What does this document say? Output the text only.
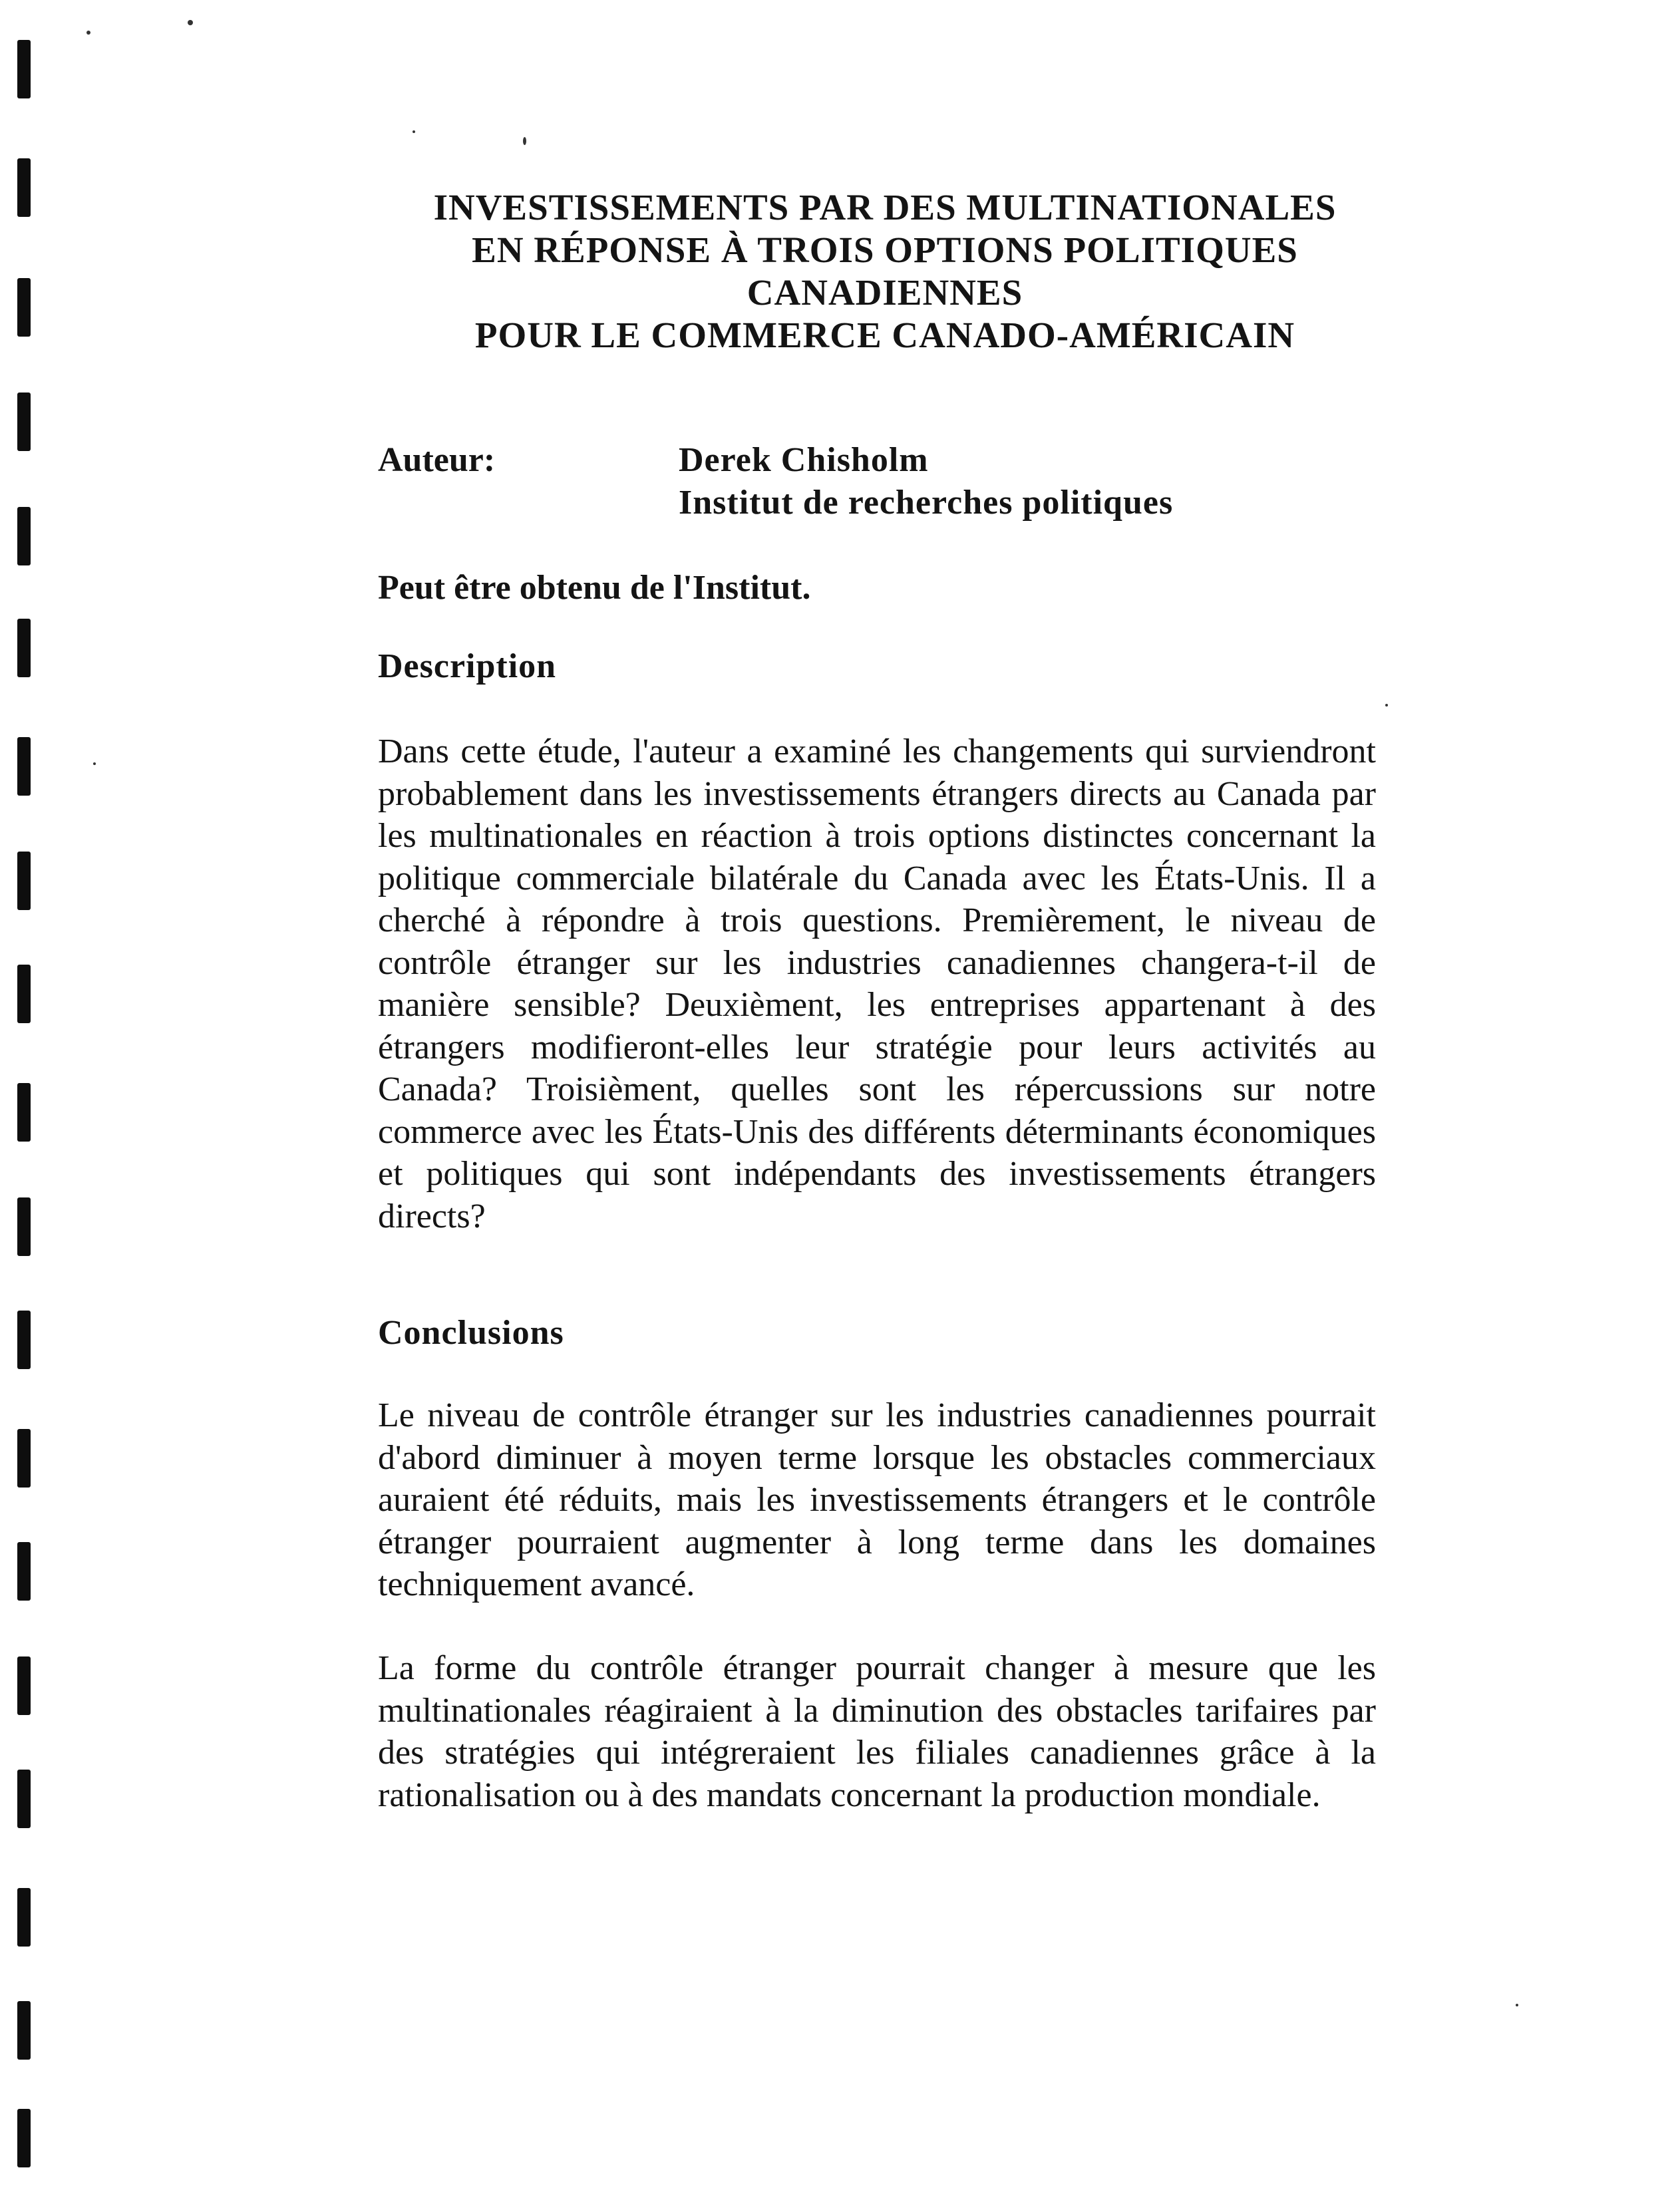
INVESTISSEMENTS PAR DES MULTINATIONALES
EN RÉPONSE À TROIS OPTIONS POLITIQUES
CANADIENNES
POUR LE COMMERCE CANADO-AMÉRICAIN
Auteur:	Derek Chisholm
Institut de recherches politiques

Peut être obtenu de l'Institut.

Description

Dans cette étude, l'auteur a examiné les changements qui surviendront probablement dans les investissements étrangers directs au Canada par les multinationales en réaction à trois options distinctes concernant la politique commerciale bilatérale du Canada avec les États-Unis. Il a cherché à répondre à trois questions. Premièrement, le niveau de contrôle étranger sur les industries canadiennes changera-t-il de manière sensible? Deuxièment, les entreprises appartenant à des étrangers modifieront-elles leur stratégie pour leurs activités au Canada? Troisièment, quelles sont les répercussions sur notre commerce avec les États-Unis des différents déterminants économiques et politiques qui sont indépendants des investissements étrangers directs?

Conclusions

Le niveau de contrôle étranger sur les industries canadiennes pourrait d'abord diminuer à moyen terme lorsque les obstacles commerciaux auraient été réduits, mais les investissements étrangers et le contrôle étranger pourraient augmenter à long terme dans les domaines techniquement avancé.

La forme du contrôle étranger pourrait changer à mesure que les multinationales réagiraient à la diminution des obstacles tarifaires par des stratégies qui intégreraient les filiales canadiennes grâce à la rationalisation ou à des mandats concernant la production mondiale.
